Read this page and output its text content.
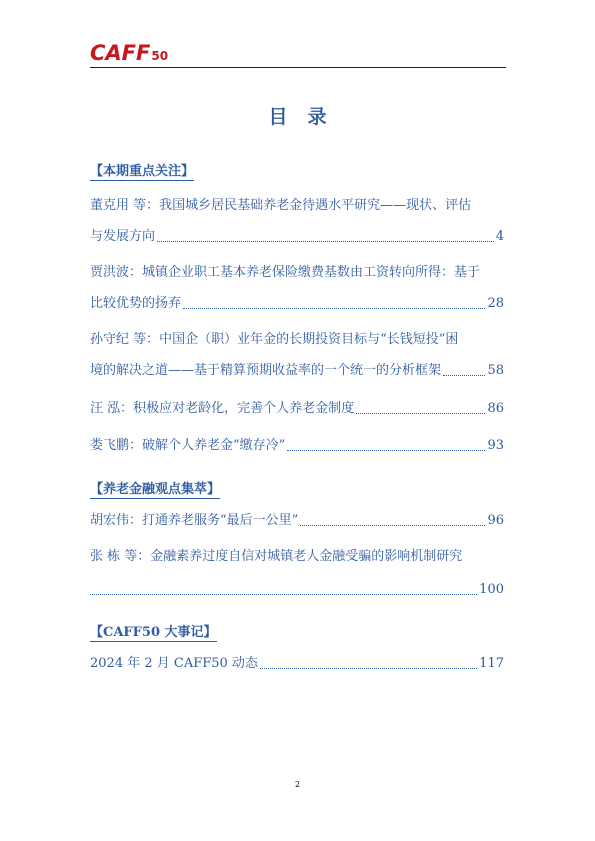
CAFF 50
目录
【本期重点关注】
董克用 等：我国城乡居民基础养老金待遇水平研究——现状、评估
与发展方向	4
贾洪波：城镇企业职工基本养老保险缴费基数由工资转向所得：基于
比较优势的扬弃	28
孙守纪 等：中国企（职）业年金的长期投资目标与“长钱短投”困
境的解决之道——基于精算预期收益率的一个统一的分析框架	58
汪 泓：积极应对老龄化，完善个人养老金制度	86
娄飞鹏：破解个人养老金“缴存冷”	93
【养老金融观点集萃】
胡宏伟：打通养老服务“最后一公里”	96
张 栋 等：金融素养过度自信对城镇老人金融受骗的影响机制研究
100
【CAFF50 大事记】
2024 年 2 月 CAFF50 动态	117
2
